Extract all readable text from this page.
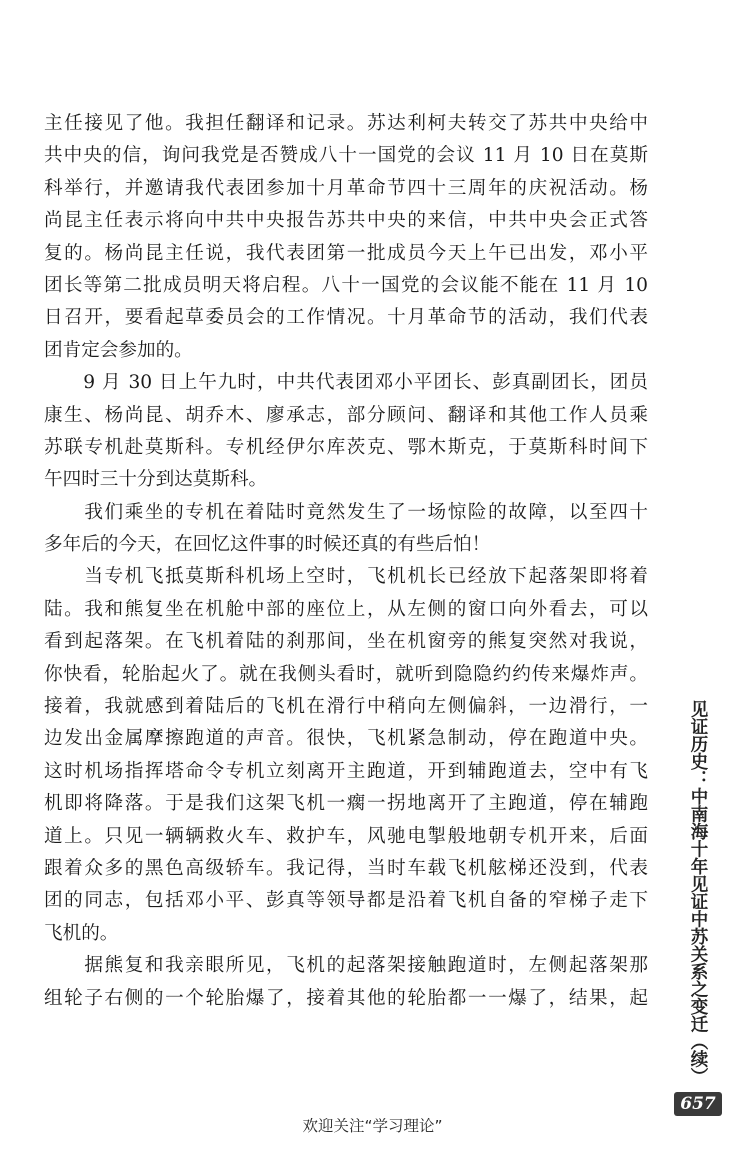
主任接见了他。我担任翻译和记录。苏达利柯夫转交了苏共中央给中
共中央的信，询问我党是否赞成八十一国党的会议 11 月 10 日在莫斯
科举行，并邀请我代表团参加十月革命节四十三周年的庆祝活动。杨
尚昆主任表示将向中共中央报告苏共中央的来信，中共中央会正式答
复的。杨尚昆主任说，我代表团第一批成员今天上午已出发，邓小平
团长等第二批成员明天将启程。八十一国党的会议能不能在 11 月 10
日召开，要看起草委员会的工作情况。十月革命节的活动，我们代表
团肯定会参加的。
　　9 月 30 日上午九时，中共代表团邓小平团长、彭真副团长，团员
康生、杨尚昆、胡乔木、廖承志，部分顾问、翻译和其他工作人员乘
苏联专机赴莫斯科。专机经伊尔库茨克、鄂木斯克，于莫斯科时间下
午四时三十分到达莫斯科。
　　我们乘坐的专机在着陆时竟然发生了一场惊险的故障，以至四十
多年后的今天，在回忆这件事的时候还真的有些后怕！
　　当专机飞抵莫斯科机场上空时，飞机机长已经放下起落架即将着
陆。我和熊复坐在机舱中部的座位上，从左侧的窗口向外看去，可以
看到起落架。在飞机着陆的刹那间，坐在机窗旁的熊复突然对我说，
你快看，轮胎起火了。就在我侧头看时，就听到隐隐约约传来爆炸声。
接着，我就感到着陆后的飞机在滑行中稍向左侧偏斜，一边滑行，一
边发出金属摩擦跑道的声音。很快，飞机紧急制动，停在跑道中央。
这时机场指挥塔命令专机立刻离开主跑道，开到辅跑道去，空中有飞
机即将降落。于是我们这架飞机一瘸一拐地离开了主跑道，停在辅跑
道上。只见一辆辆救火车、救护车，风驰电掣般地朝专机开来，后面
跟着众多的黑色高级轿车。我记得，当时车载飞机舷梯还没到，代表
团的同志，包括邓小平、彭真等领导都是沿着飞机自备的窄梯子走下
飞机的。
　　据熊复和我亲眼所见，飞机的起落架接触跑道时，左侧起落架那
组轮子右侧的一个轮胎爆了，接着其他的轮胎都一一爆了，结果，起	见证历史：中南海十年见证中苏关系之变迁（续）
657
欢迎关注“学习理论”
